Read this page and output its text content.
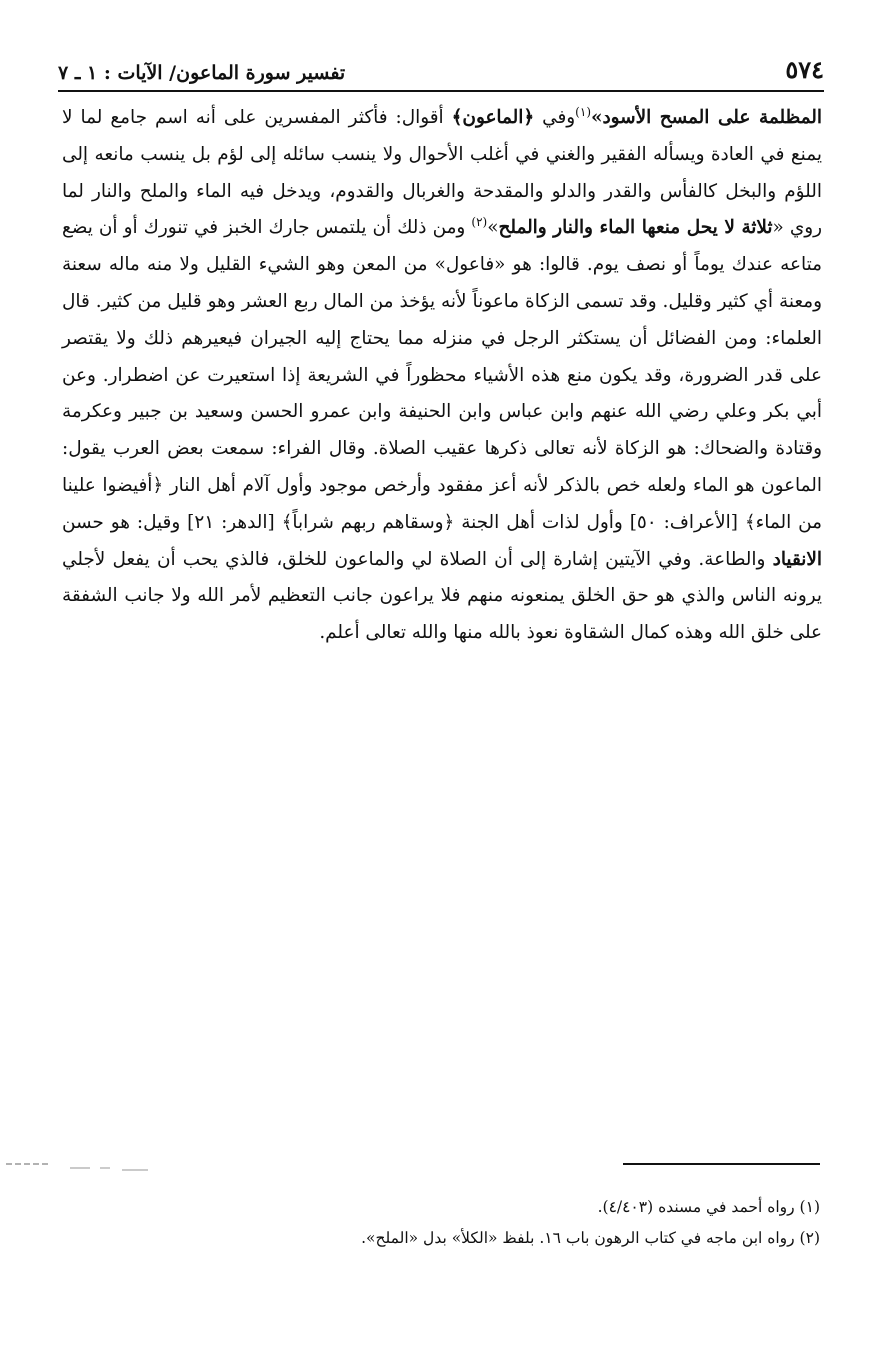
٥٧٤
تفسير سورة الماعون/ الآيات : ١ ـ ٧

المظلمة على المسح الأسود»$^{(١)}$وفي ﴿الماعون﴾ أقوال: فأكثر المفسرين على أنه اسم جامع لما لا يمنع في العادة ويسأله الفقير والغني في أغلب الأحوال ولا ينسب سائله إلى لؤم بل ينسب مانعه إلى اللؤم والبخل كالفأس والقدر والدلو والمقدحة والغربال والقدوم، ويدخل فيه الماء والملح والنار لما روي «ثلاثة لا يحل منعها الماء والنار والملح»$^{(٢)}$ ومن ذلك أن يلتمس جارك الخبز في تنورك أو أن يضع متاعه عندك يوماً أو نصف يوم. قالوا: هو «فاعول» من المعن وهو الشيء القليل ولا منه ماله سعنة ومعنة أي كثير وقليل. وقد تسمى الزكاة ماعوناً لأنه يؤخذ من المال ربع العشر وهو قليل من كثير. قال العلماء: ومن الفضائل أن يستكثر الرجل في منزله مما يحتاج إليه الجيران فيعيرهم ذلك ولا يقتصر على قدر الضرورة، وقد يكون منع هذه الأشياء محظوراً في الشريعة إذا استعيرت عن اضطرار. وعن أبي بكر وعلي رضي الله عنهم وابن عباس وابن الحنيفة وابن عمرو الحسن وسعيد بن جبير وعكرمة وقتادة والضحاك: هو الزكاة لأنه تعالى ذكرها عقيب الصلاة. وقال الفراء: سمعت بعض العرب يقول: الماعون هو الماء ولعله خص بالذكر لأنه أعز مفقود وأرخص موجود وأول آلام أهل النار ﴿أفيضوا علينا من الماء﴾ [الأعراف: ٥٠] وأول لذات أهل الجنة ﴿وسقاهم ربهم شراباً﴾ [الدهر: ٢١] وقيل: هو حسن الانقياد والطاعة. وفي الآيتين إشارة إلى أن الصلاة لي والماعون للخلق، فالذي يحب أن يفعل لأجلي يرونه الناس والذي هو حق الخلق يمنعونه منهم فلا يراعون جانب التعظيم لأمر الله ولا جانب الشفقة على خلق الله وهذه كمال الشقاوة نعوذ بالله منها والله تعالى أعلم.

(١) رواه أحمد في مسنده (٤/٤٠٣).
(٢) رواه ابن ماجه في كتاب الرهون باب ١٦. بلفظ «الكلأ» بدل «الملح».
